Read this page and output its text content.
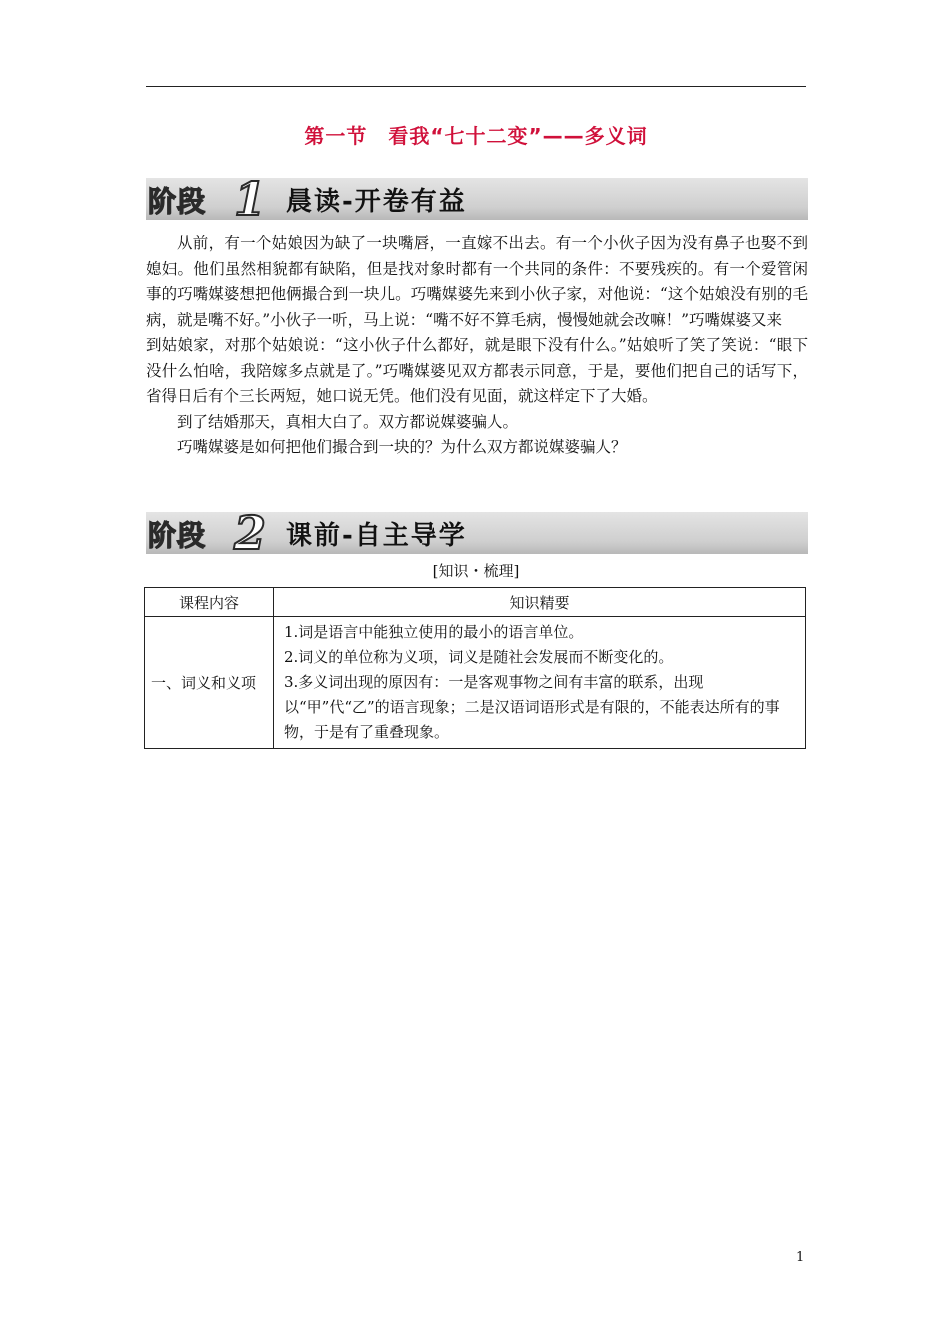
第一节　看我“七十二变”——多义词
阶段 1 晨读-开卷有益

从前，有一个姑娘因为缺了一块嘴唇，一直嫁不出去。有一个小伙子因为没有鼻子也娶不到媳妇。他们虽然相貌都有缺陷，但是找对象时都有一个共同的条件：不要残疾的。有一个爱管闲事的巧嘴媒婆想把他俩撮合到一块儿。巧嘴媒婆先来到小伙子家，对他说：“这个姑娘没有别的毛病，就是嘴不好。”小伙子一听，马上说：“嘴不好不算毛病，慢慢她就会改嘛！”巧嘴媒婆又来

到姑娘家，对那个姑娘说：“这小伙子什么都好，就是眼下没有什么。”姑娘听了笑了笑说：“眼下没什么怕啥，我陪嫁多点就是了。”巧嘴媒婆见双方都表示同意，于是，要他们把自己的话写下，省得日后有个三长两短，她口说无凭。他们没有见面，就这样定下了大婚。

到了结婚那天，真相大白了。双方都说媒婆骗人。

巧嘴媒婆是如何把他们撮合到一块的？为什么双方都说媒婆骗人？

阶段 2 课前-自主导学
[知识・梳理]
课程内容	知识精要
一、词义和义项	1.词是语言中能独立使用的最小的语言单位。
2.词义的单位称为义项，词义是随社会发展而不断变化的。
3.多义词出现的原因有：一是客观事物之间有丰富的联系，出现以“甲”代“乙”的语言现象；二是汉语词语形式是有限的，不能表达所有的事物，于是有了重叠现象。
1
